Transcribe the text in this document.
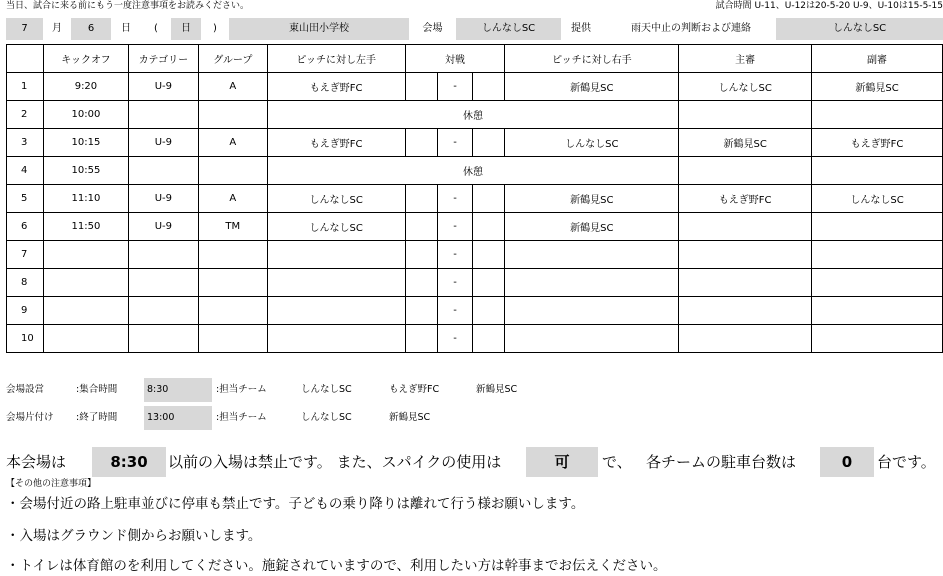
当日、試合に来る前にもう一度注意事項をお読みください。	試合時間 U-11、U-12は20-5-20 U-9、U-10は15-5-15
7	月	6	日	(	日	)	東山田小学校	会場	しんなしSC	提供	雨天中止の判断および連絡	しんなしSC
	キックオフ	カテゴリー	グループ	ピッチに対し左手	対戦			ピッチに対し右手	主審	副審
1	9:20	U-9	A	もえぎ野FC		-		新鶴見SC	しんなしSC	新鶴見SC
2	10:00			休憩						
3	10:15	U-9	A	もえぎ野FC		-		しんなしSC	新鶴見SC	もえぎ野FC
4	10:55			休憩						
5	11:10	U-9	A	しんなしSC		-		新鶴見SC	もえぎ野FC	しんなしSC
6	11:50	U-9	TM	しんなしSC		-		新鶴見SC		
7						-				
8						-				
9						-				
10						-				
会場設営	:集合時間	8:30	:担当チーム	しんなしSC	もえぎ野FC	新鶴見SC
会場片付け :終了時間	13:00	:担当チーム	しんなしSC	新鶴見SC
本会場は	8:30	以前の入場は禁止です。 また、スパイクの使用は	可	で、 各チームの駐車台数は	0	台です。
【その他の注意事項】
・会場付近の路上駐車並びに停車も禁止です。子どもの乗り降りは離れて行う様お願いします。
・入場はグラウンド側からお願いします。
・トイレは体育館のを利用してください。施錠されていますので、利用したい方は幹事までお伝えください。
